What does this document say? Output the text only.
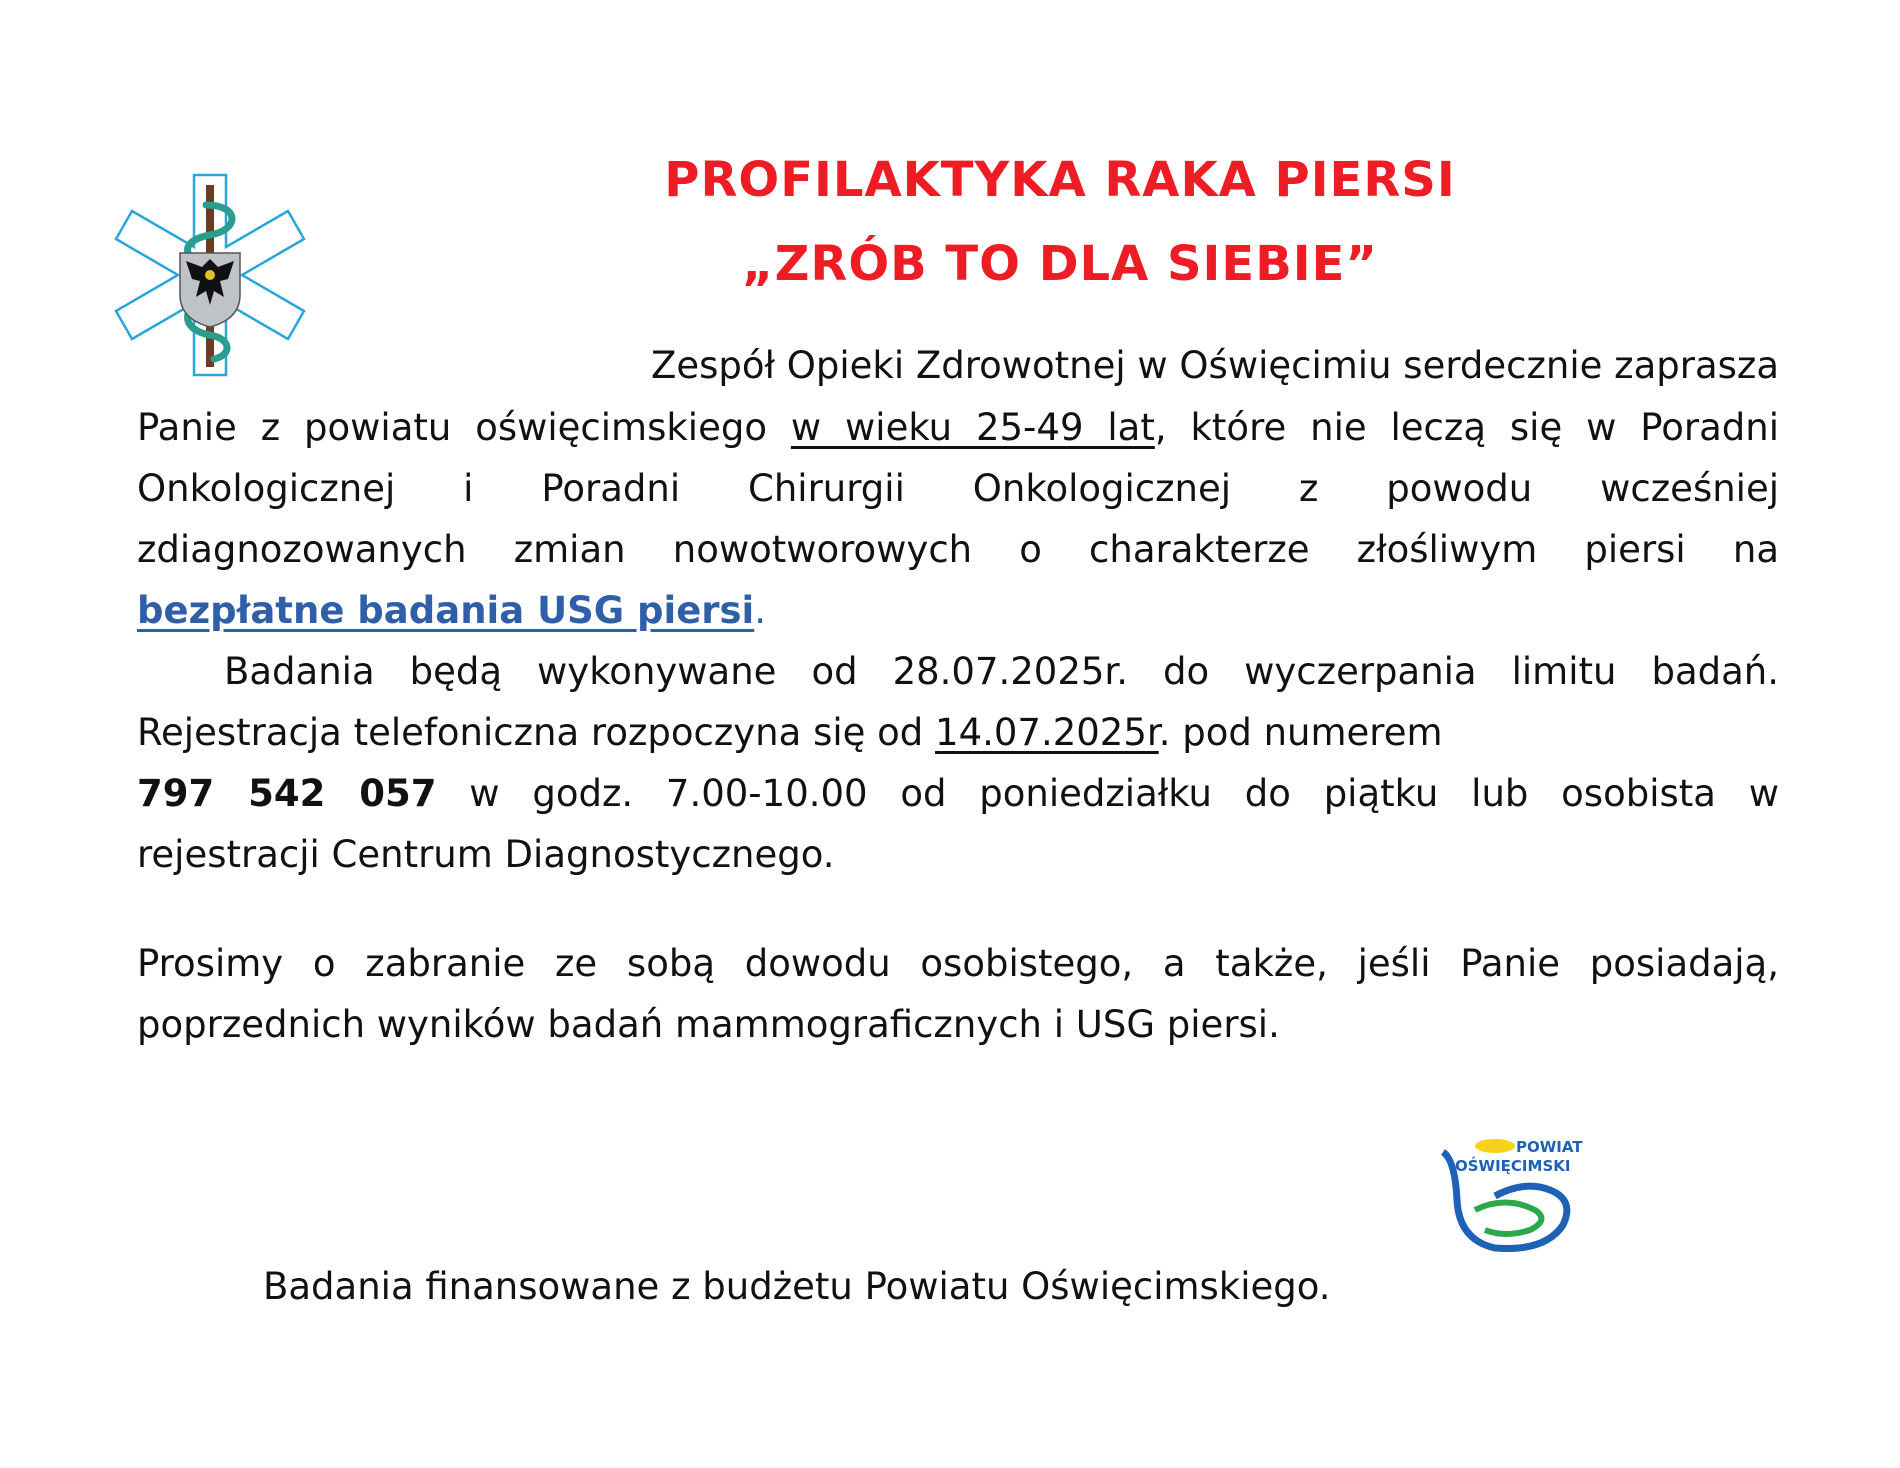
PROFILAKTYKA RAKA PIERSI
„ZRÓB TO DLA SIEBIE”
Zespół Opieki Zdrowotnej w Oświęcimiu serdecznie zaprasza
Panie z powiatu oświęcimskiego w wieku 25-49 lat, które nie leczą się w Poradni
Onkologicznej i Poradni Chirurgii Onkologicznej z powodu wcześniej
zdiagnozowanych zmian nowotworowych o charakterze złośliwym piersi na
bezpłatne badania USG piersi.
Badania będą wykonywane od 28.07.2025r. do wyczerpania limitu badań.
Rejestracja telefoniczna rozpoczyna się od 14.07.2025r. pod numerem
797 542 057 w godz. 7.00-10.00 od poniedziałku do piątku lub osobista w
rejestracji Centrum Diagnostycznego.
Prosimy o zabranie ze sobą dowodu osobistego, a także, jeśli Panie posiadają,
poprzednich wyników badań mammograficznych i USG piersi.
POWIAT
OŚWIĘCIMSKI
Badania finansowane z budżetu Powiatu Oświęcimskiego.
